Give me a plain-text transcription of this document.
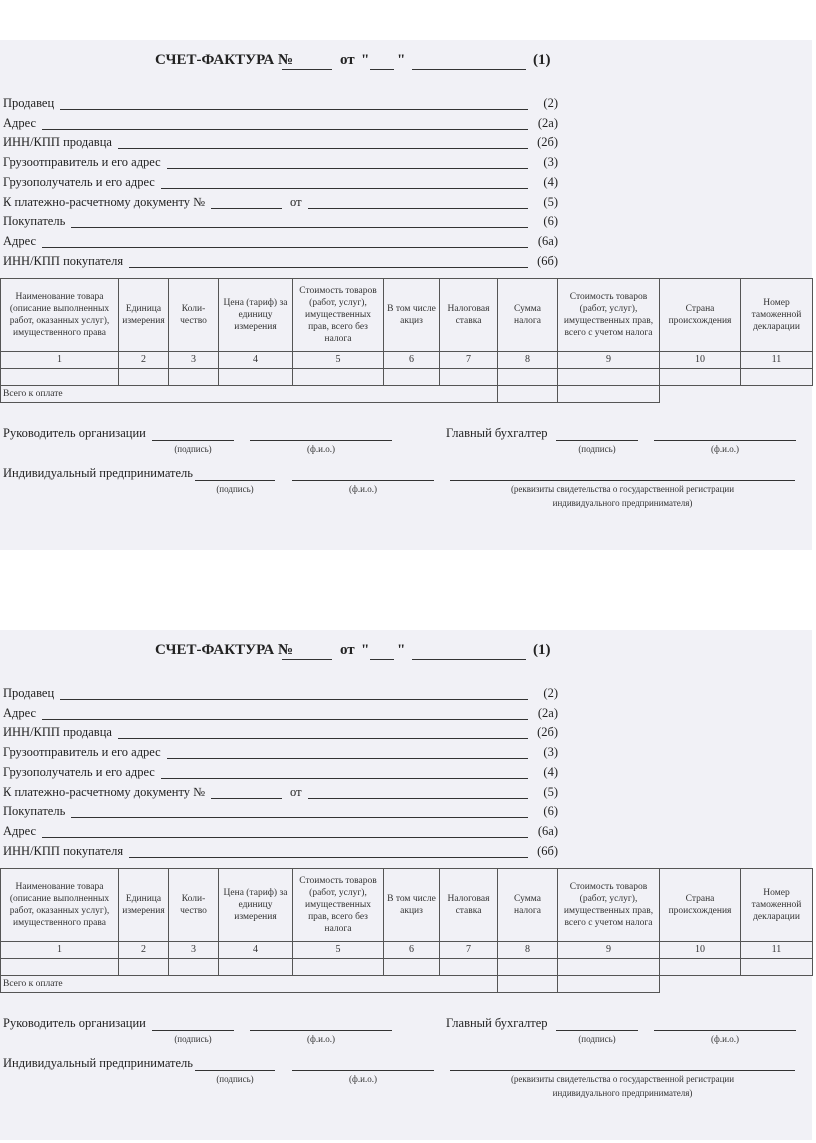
СЧЕТ-ФАКТУРА №	от " "	(1)
Продавец	(2)
Адрес	(2а)
ИНН/КПП продавца	(2б)
Грузоотправитель и его адрес	(3)
Грузополучатель и его адрес	(4)
К платежно-расчетному документу №	(5)
от
Покупатель	(6)
Адрес	(6а)
ИНН/КПП покупателя	(6б)
Наименование товара (описание выполненных работ, оказанных услуг), имущественного права	Единица измерения	Коли-чество	Цена (тариф) за единицу измерения	Стоимость товаров (работ, услуг), имущественных прав, всего без налога	В том числе акциз	Налоговая ставка	Сумма налога	Стоимость товаров (работ, услуг), имущественных прав, всего с учетом налога	Страна происхождения	Номер таможенной декларации
1	2	3	4	5	6	7	8	9	10	11

Всего к оплате										
Руководитель организации
(подпись)	(ф.и.о.)
Главный бухгалтер
(подпись)	(ф.и.о.)
Индивидуальный предприниматель
(подпись)	(ф.и.о.)	(реквизиты свидетельства о государственной регистрации
индивидуального предпринимателя)
СЧЕТ-ФАКТУРА №	от " "	(1)
Продавец	(2)
Адрес	(2а)
ИНН/КПП продавца	(2б)
Грузоотправитель и его адрес	(3)
Грузополучатель и его адрес	(4)
К платежно-расчетному документу №	(5)
от
Покупатель	(6)
Адрес	(6а)
ИНН/КПП покупателя	(6б)
Наименование товара (описание выполненных работ, оказанных услуг), имущественного права	Единица измерения	Коли-чество	Цена (тариф) за единицу измерения	Стоимость товаров (работ, услуг), имущественных прав, всего без налога	В том числе акциз	Налоговая ставка	Сумма налога	Стоимость товаров (работ, услуг), имущественных прав, всего с учетом налога	Страна происхождения	Номер таможенной декларации
1	2	3	4	5	6	7	8	9	10	11

Всего к оплате										
Руководитель организации
(подпись)	(ф.и.о.)
Главный бухгалтер
(подпись)	(ф.и.о.)
Индивидуальный предприниматель
(подпись)	(ф.и.о.)	(реквизиты свидетельства о государственной регистрации
индивидуального предпринимателя)
